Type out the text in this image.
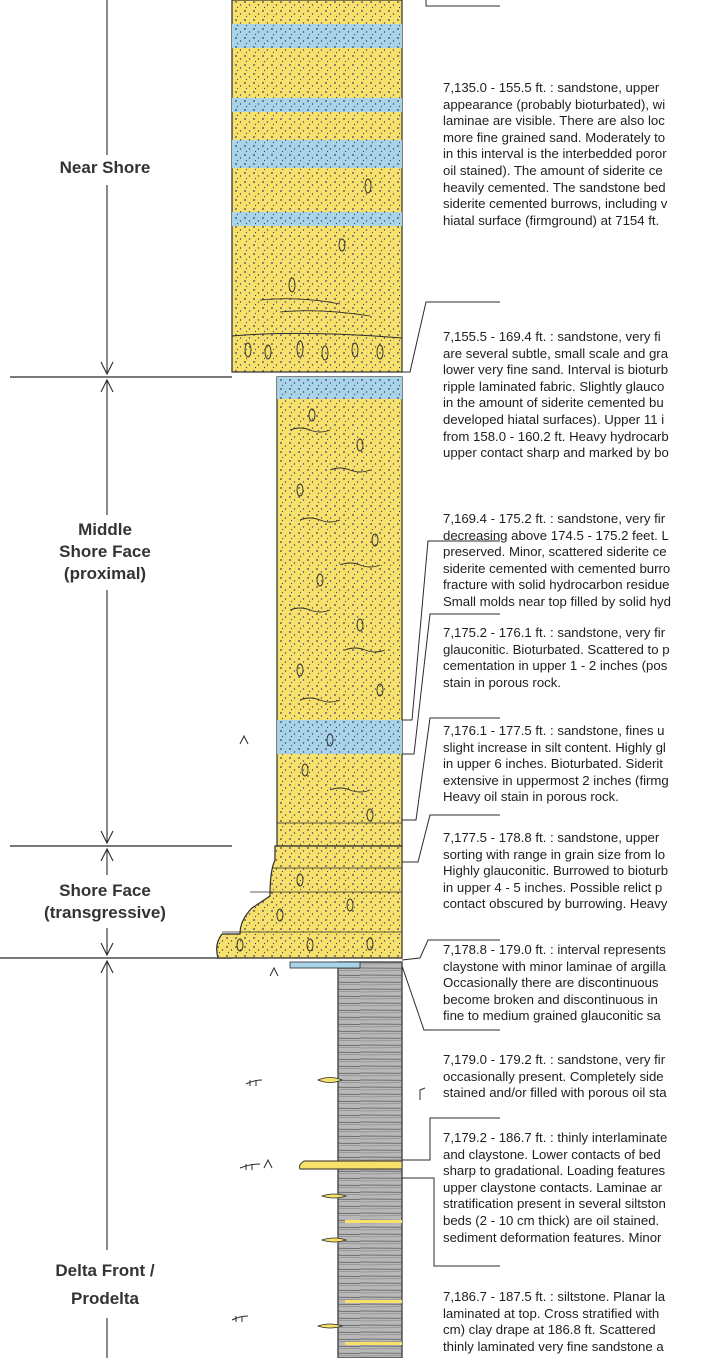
Near Shore
Middle
Shore Face
(proximal)
Shore Face
(transgressive)
Delta Front /
Prodelta
7,135.0 - 155.5 ft. : sandstone, upper
appearance (probably bioturbated), wi
laminae are visible. There are also loc
more fine grained sand. Moderately to
in this interval is the interbedded poror
oil stained). The amount of siderite ce
heavily cemented. The sandstone bed
siderite cemented burrows, including v
hiatal surface (firmground) at 7154 ft.
7,155.5 - 169.4 ft. : sandstone, very fi
are several subtle, small scale and gra
lower very fine sand. Interval is bioturb
ripple laminated fabric. Slightly glauco
in the amount of siderite cemented bu
developed hiatal surfaces). Upper 11 i
from 158.0 - 160.2 ft. Heavy hydrocarb
upper contact sharp and marked by bo
7,169.4 - 175.2 ft. : sandstone, very fir
decreasing above 174.5 - 175.2 feet. L
preserved. Minor, scattered siderite ce
siderite cemented with cemented burro
fracture with solid hydrocarbon residue
Small molds near top filled by solid hyd
7,175.2 - 176.1 ft. : sandstone, very fir
glauconitic. Bioturbated. Scattered to p
cementation in upper 1 - 2 inches (pos
stain in porous rock.
7,176.1 - 177.5 ft. : sandstone, fines u
slight increase in silt content. Highly gl
in upper 6 inches. Bioturbated. Siderit
extensive in uppermost 2 inches (firmg
Heavy oil stain in porous rock.
7,177.5 - 178.8 ft. : sandstone, upper
sorting with range in grain size from lo
Highly glauconitic. Burrowed to bioturb
in upper 4 - 5 inches. Possible relict p
contact obscured by burrowing. Heavy
7,178.8 - 179.0 ft. : interval represents
claystone with minor laminae of argilla
Occasionally there are discontinuous
become broken and discontinuous in
fine to medium grained glauconitic sa
7,179.0 - 179.2 ft. : sandstone, very fir
occasionally present. Completely side
stained and/or filled with porous oil sta
7,179.2 - 186.7 ft. : thinly interlaminate
and claystone. Lower contacts of bed
sharp to gradational. Loading features
upper claystone contacts. Laminae ar
stratification present in several siltston
beds (2 - 10 cm thick) are oil stained.
sediment deformation features. Minor
7,186.7 - 187.5 ft. : siltstone. Planar la
laminated at top. Cross stratified with
cm) clay drape at 186.8 ft. Scattered
thinly laminated very fine sandstone a
